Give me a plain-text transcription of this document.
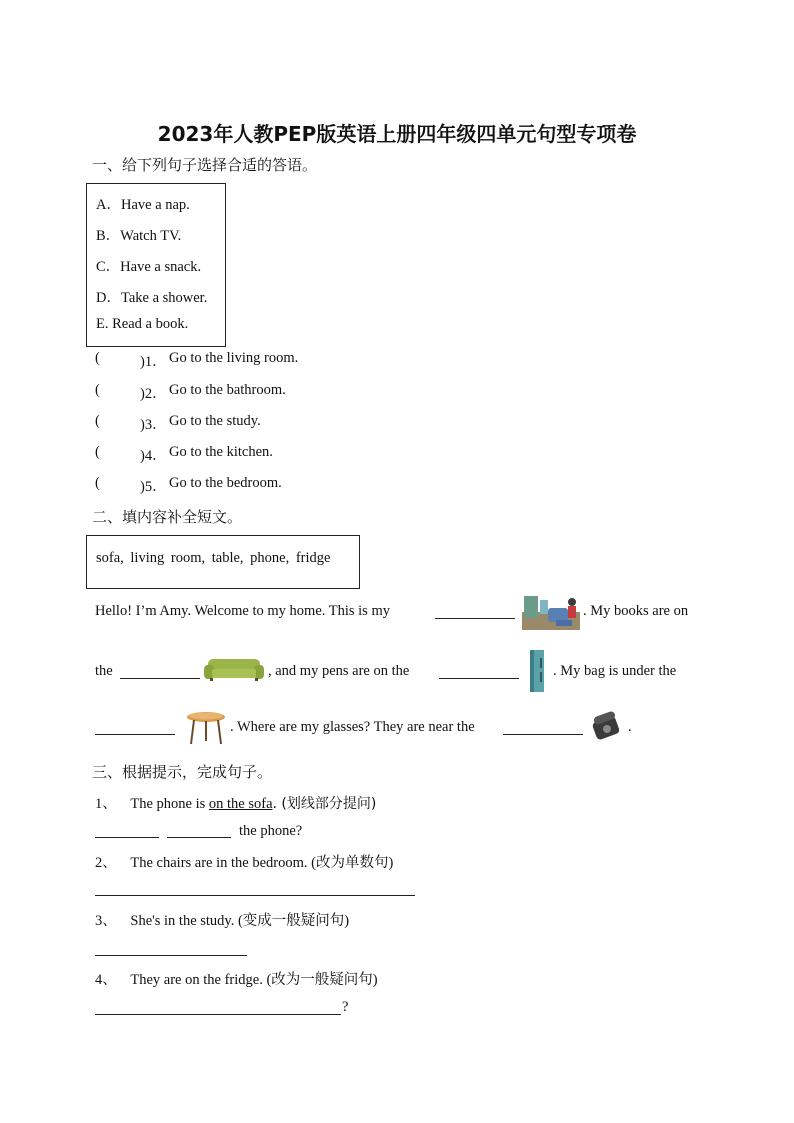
2023年人教PEP版英语上册四年级四单元句型专项卷
一、给下列句子选择合适的答语。
A．Have a nap.
B．Watch TV.
C．Have a snack.
D．Take a shower.
E. Read a book.
(	)1． Go to the living room.
(	)2． Go to the bathroom.
(	)3． Go to the study.
(	)4． Go to the kitchen.
(	)5． Go to the bedroom.
二、填内容补全短文。
sofa, living room, table, phone, fridge
Hello! I’m Amy. Welcome to my home. This is my	. My books are on
the	, and my pens are on the	. My bag is under the
. Where are my glasses? They are near the	.
三、根据提示，完成句子。
1、 The phone is on the sofa. (划线部分提问)
the phone?
2、 The chairs are in the bedroom. (改为单数句)
3、 She's in the study. (变成一般疑问句)
4、 They are on the fridge. (改为一般疑问句)
?
